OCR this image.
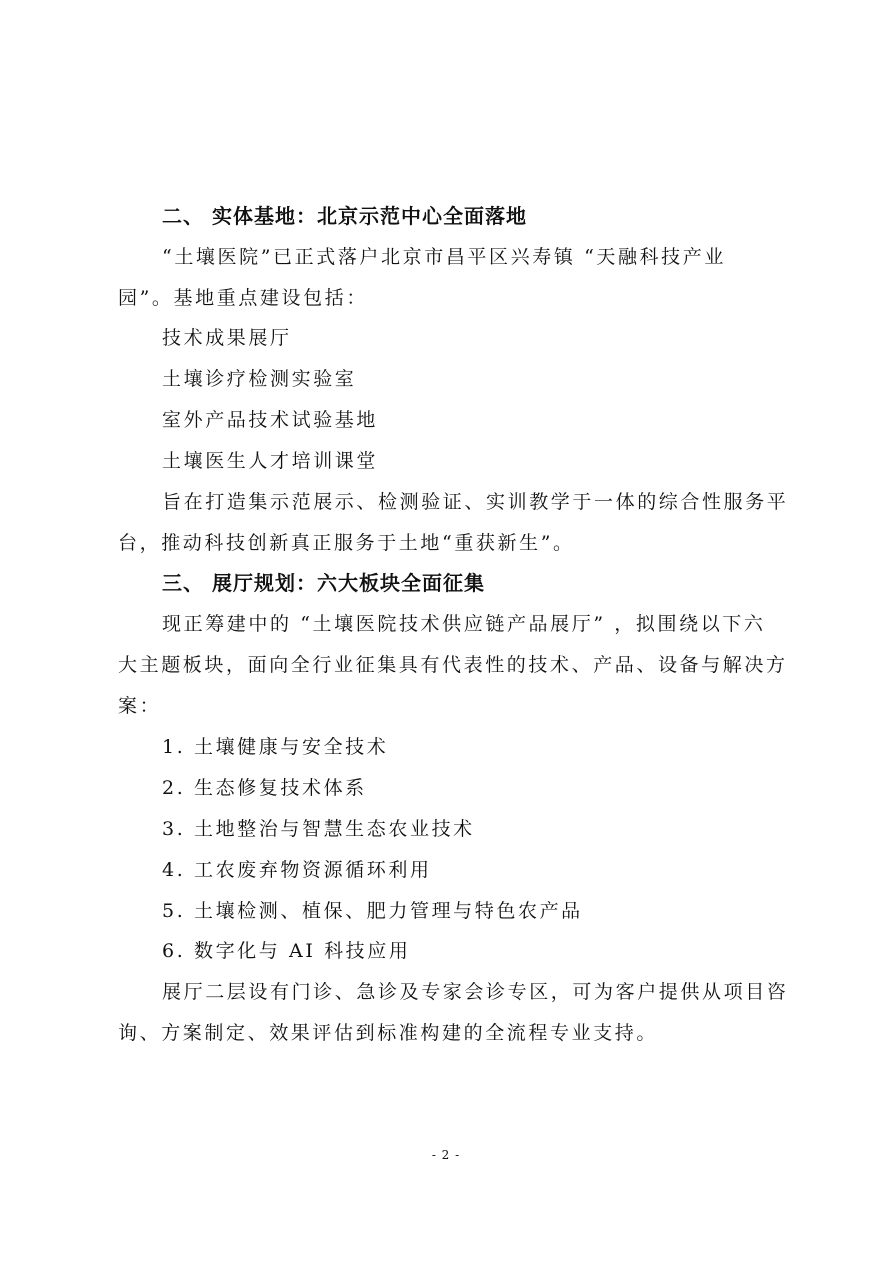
二、 实体基地：北京示范中心全面落地
“土壤医院”已正式落户北京市昌平区兴寿镇 “天融科技产业
园”。基地重点建设包括：
技术成果展厅
土壤诊疗检测实验室
室外产品技术试验基地
土壤医生人才培训课堂
旨在打造集示范展示、检测验证、实训教学于一体的综合性服务平
台，推动科技创新真正服务于土地“重获新生”。
三、 展厅规划：六大板块全面征集
现正筹建中的 “土壤医院技术供应链产品展厅” ，拟围绕以下六
大主题板块，面向全行业征集具有代表性的技术、产品、设备与解决方
案：
1. 土壤健康与安全技术
2. 生态修复技术体系
3. 土地整治与智慧生态农业技术
4. 工农废弃物资源循环利用
5. 土壤检测、植保、肥力管理与特色农产品
6. 数字化与 AI 科技应用
展厅二层设有门诊、急诊及专家会诊专区，可为客户提供从项目咨
询、方案制定、效果评估到标准构建的全流程专业支持。
- 2 -
